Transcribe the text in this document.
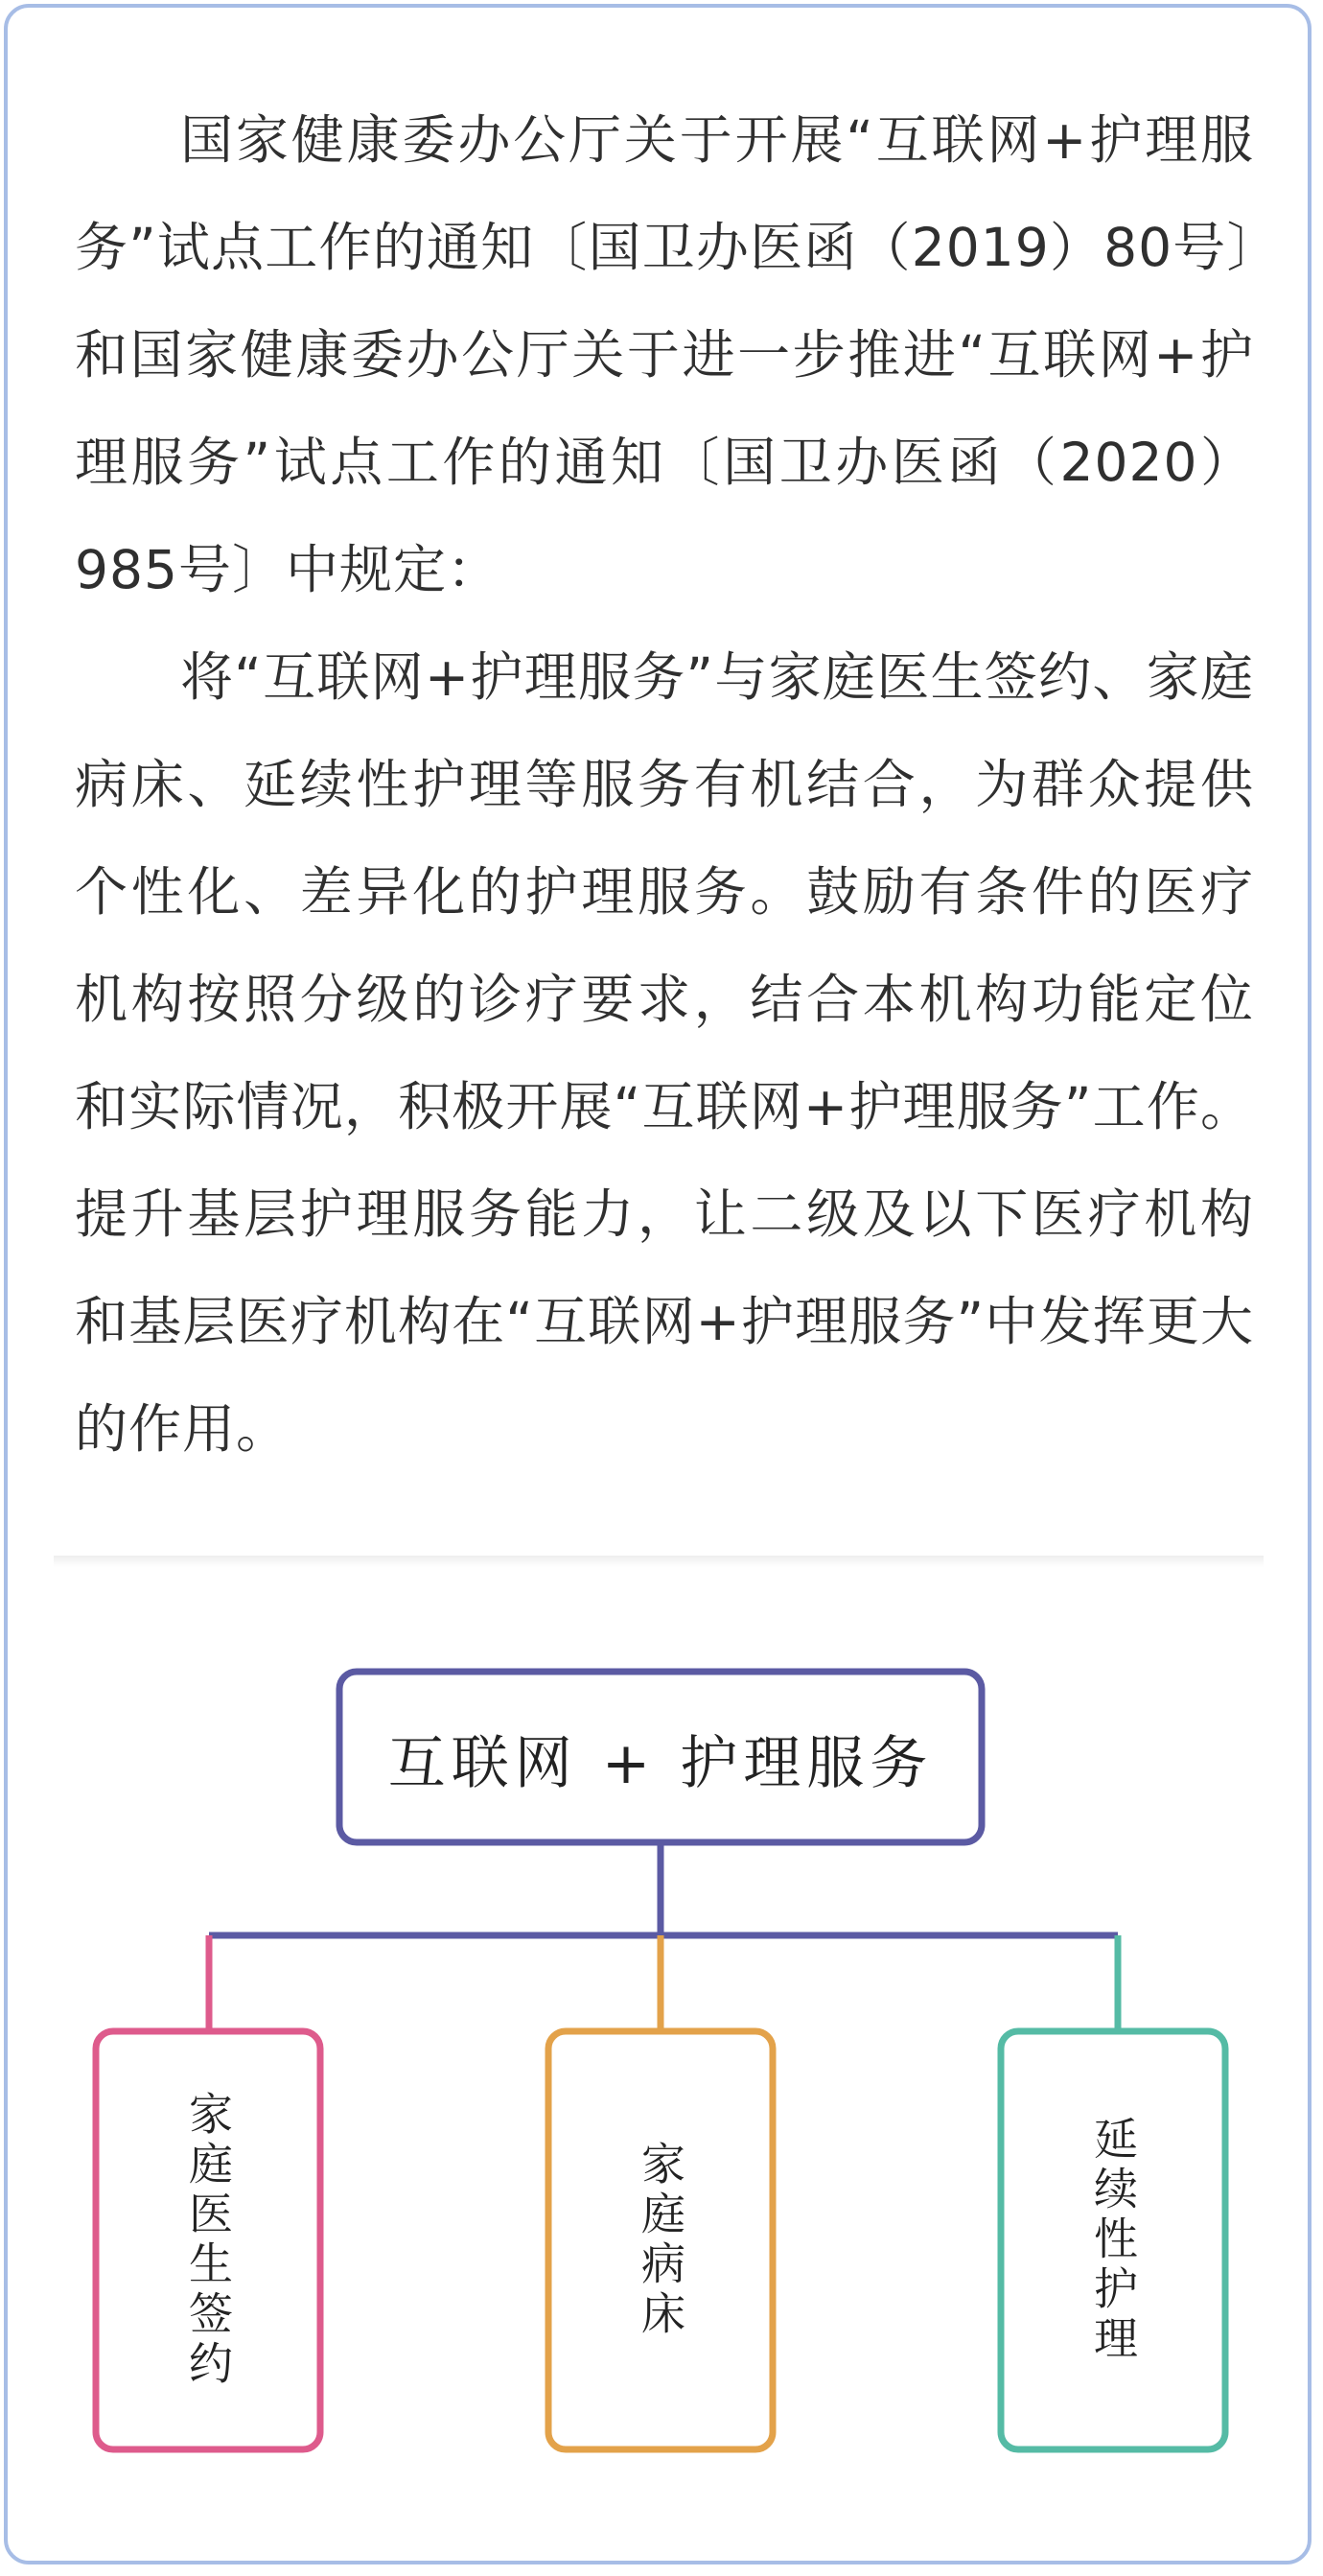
国家健康委办公厅关于开展“互联网+护理服务”试点工作的通知〔国卫办医函（2019）80号〕和国家健康委办公厅关于进一步推进“互联网+护理服务”试点工作的通知〔国卫办医函（2020）985号〕中规定：

将“互联网+护理服务”与家庭医生签约、家庭病床、延续性护理等服务有机结合，为群众提供个性化、差异化的护理服务。鼓励有条件的医疗机构按照分级的诊疗要求，结合本机构功能定位和实际情况，积极开展“互联网+护理服务”工作。提升基层护理服务能力，让二级及以下医疗机构和基层医疗机构在“互联网+护理服务”中发挥更大的作用。

互联网 + 护理服务
家庭医生签约	家庭病床	延续性护理
